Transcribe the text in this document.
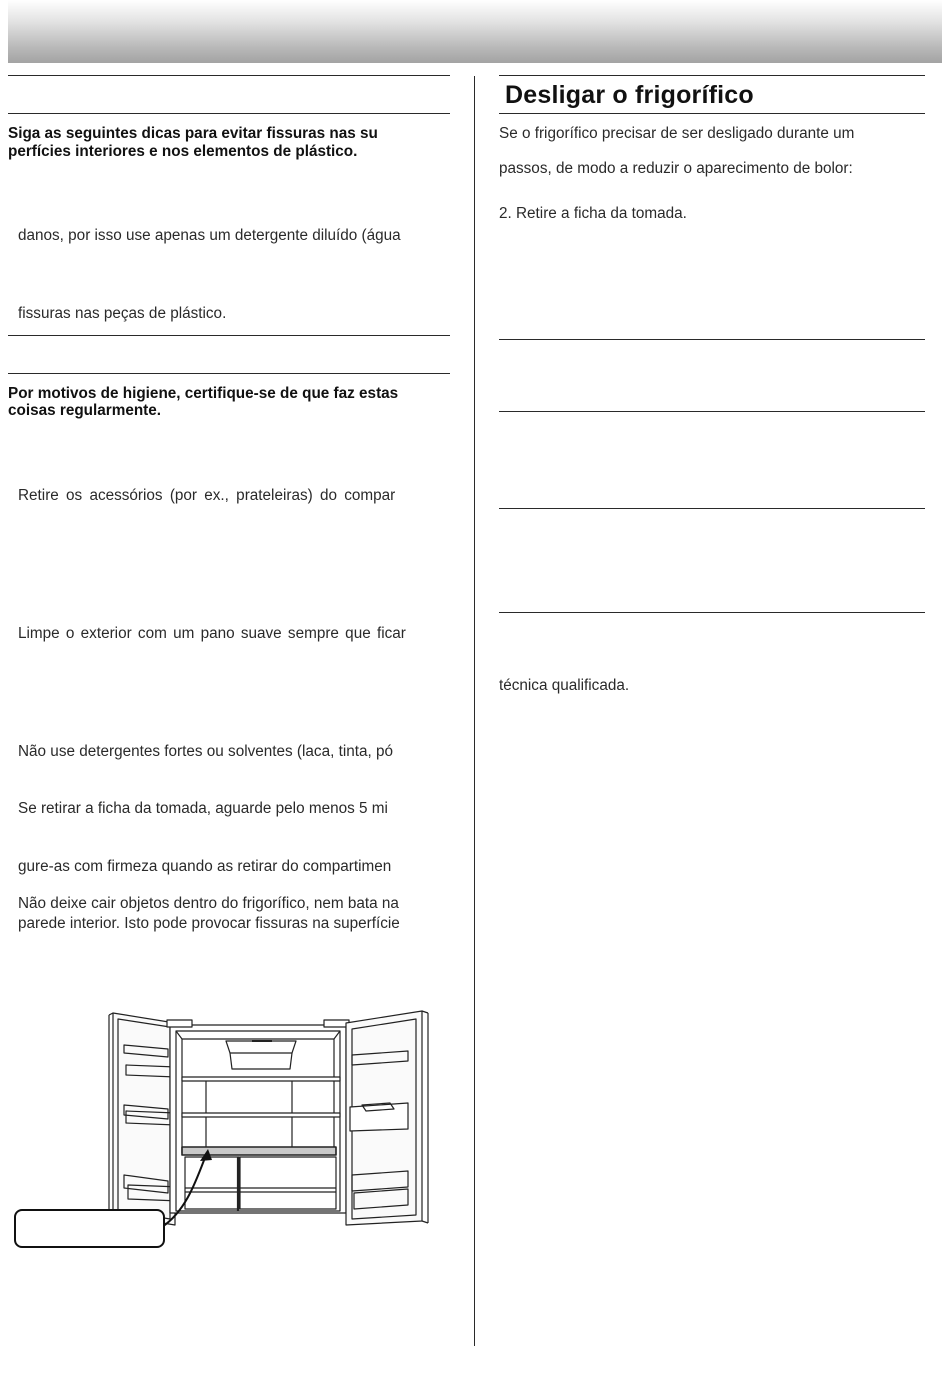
Siga as seguintes dicas para evitar fissuras nas su
perfícies interiores e nos elementos de plástico.
danos, por isso use apenas um detergente diluído (água
fissuras nas peças de plástico.
Por motivos de higiene, certifique-se de que faz estas
coisas regularmente.
Retire os acessórios (por ex., prateleiras) do compar
Limpe o exterior com um pano suave sempre que ficar
Não use detergentes fortes ou solventes (laca, tinta, pó
Se retirar a ficha da tomada, aguarde pelo menos 5 mi
gure-as com firmeza quando as retirar do compartimen
Não deixe cair objetos dentro do frigorífico, nem bata na
parede interior. Isto pode provocar fissuras na superfície
Desligar o frigorífico
Se o frigorífico precisar de ser desligado durante um
passos, de modo a reduzir o aparecimento de bolor:
2. Retire a ficha da tomada.
técnica qualificada.
